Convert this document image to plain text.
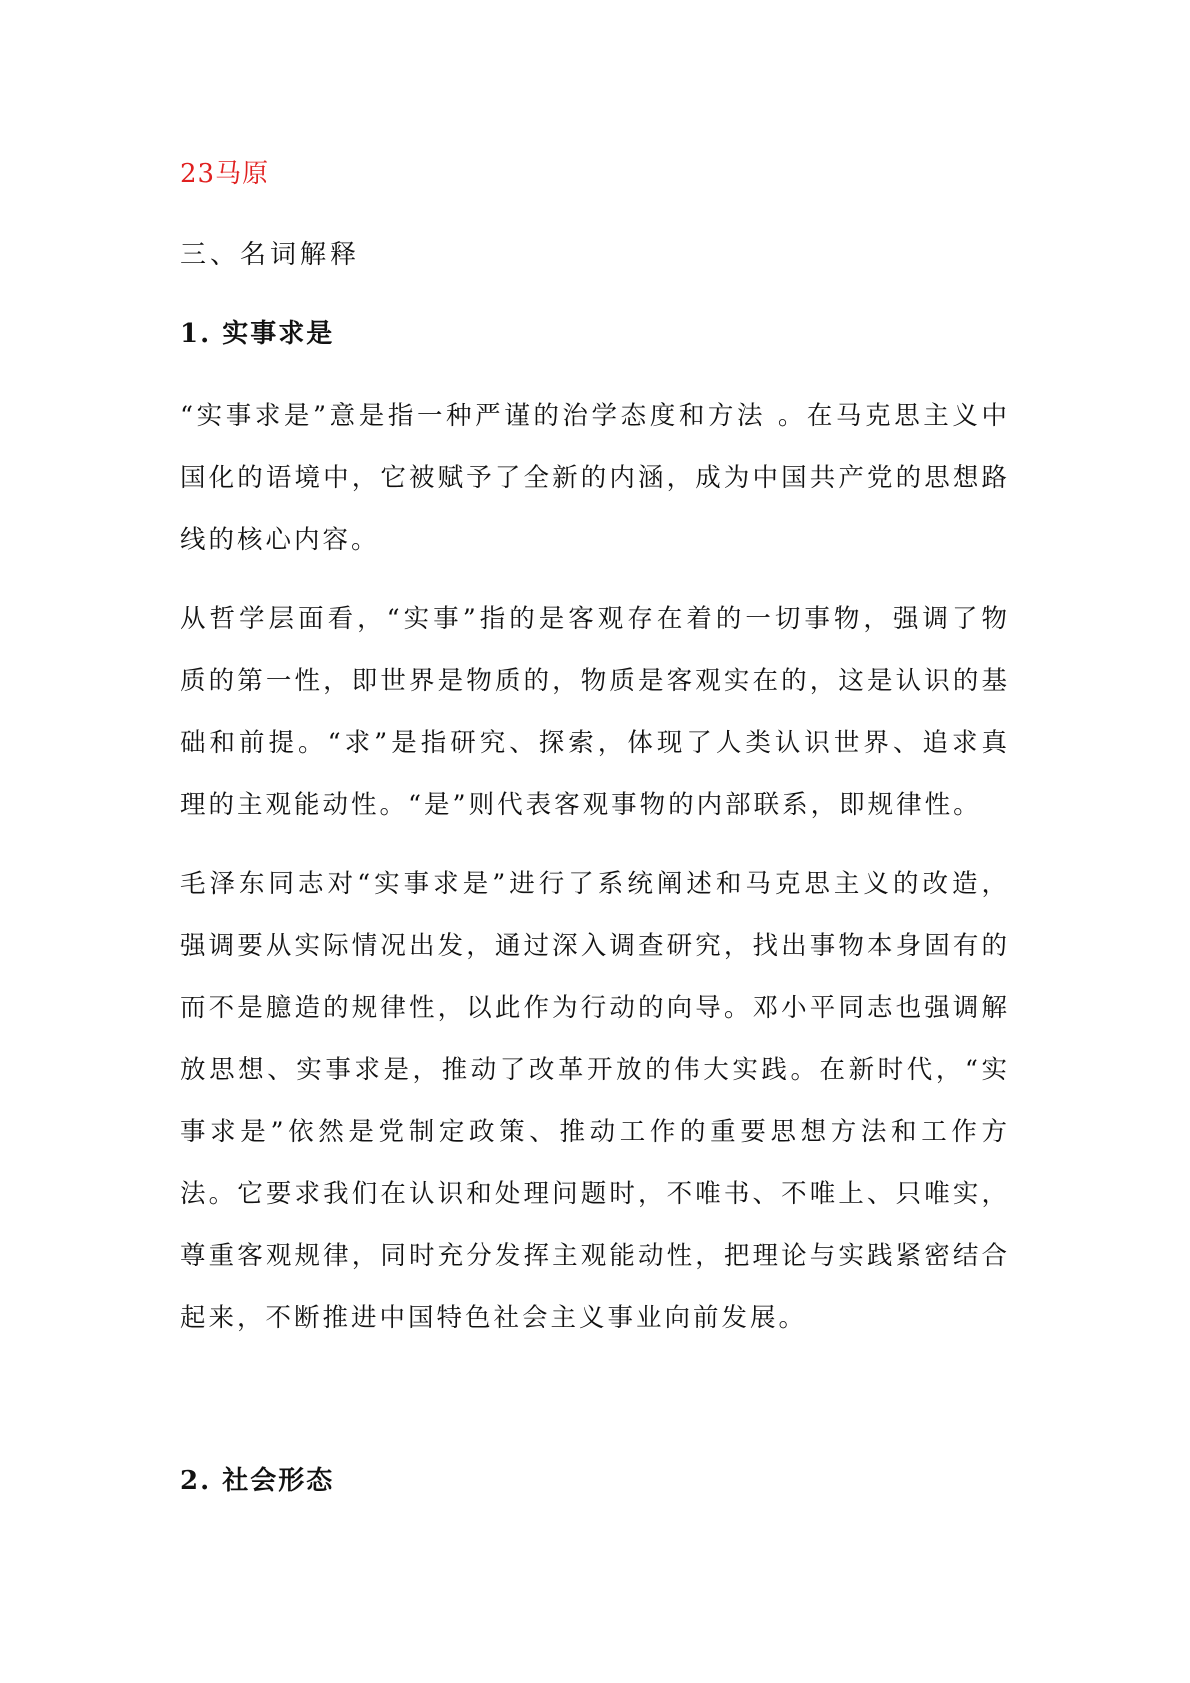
23马原
三、名词解释
1. 实事求是

“实事求是”意是指一种严谨的治学态度和方法 。在马克思主义中国化的语境中，它被赋予了全新的内涵，成为中国共产党的思想路线的核心内容。

从哲学层面看，“实事”指的是客观存在着的一切事物，强调了物质的第一性，即世界是物质的，物质是客观实在的，这是认识的基础和前提。“求”是指研究、探索，体现了人类认识世界、追求真理的主观能动性。“是”则代表客观事物的内部联系，即规律性。

毛泽东同志对“实事求是”进行了系统阐述和马克思主义的改造，强调要从实际情况出发，通过深入调查研究，找出事物本身固有的而不是臆造的规律性，以此作为行动的向导。邓小平同志也强调解放思想、实事求是，推动了改革开放的伟大实践。在新时代，“实事求是”依然是党制定政策、推动工作的重要思想方法和工作方法。它要求我们在认识和处理问题时，不唯书、不唯上、只唯实，尊重客观规律，同时充分发挥主观能动性，把理论与实践紧密结合起来，不断推进中国特色社会主义事业向前发展。

2. 社会形态
